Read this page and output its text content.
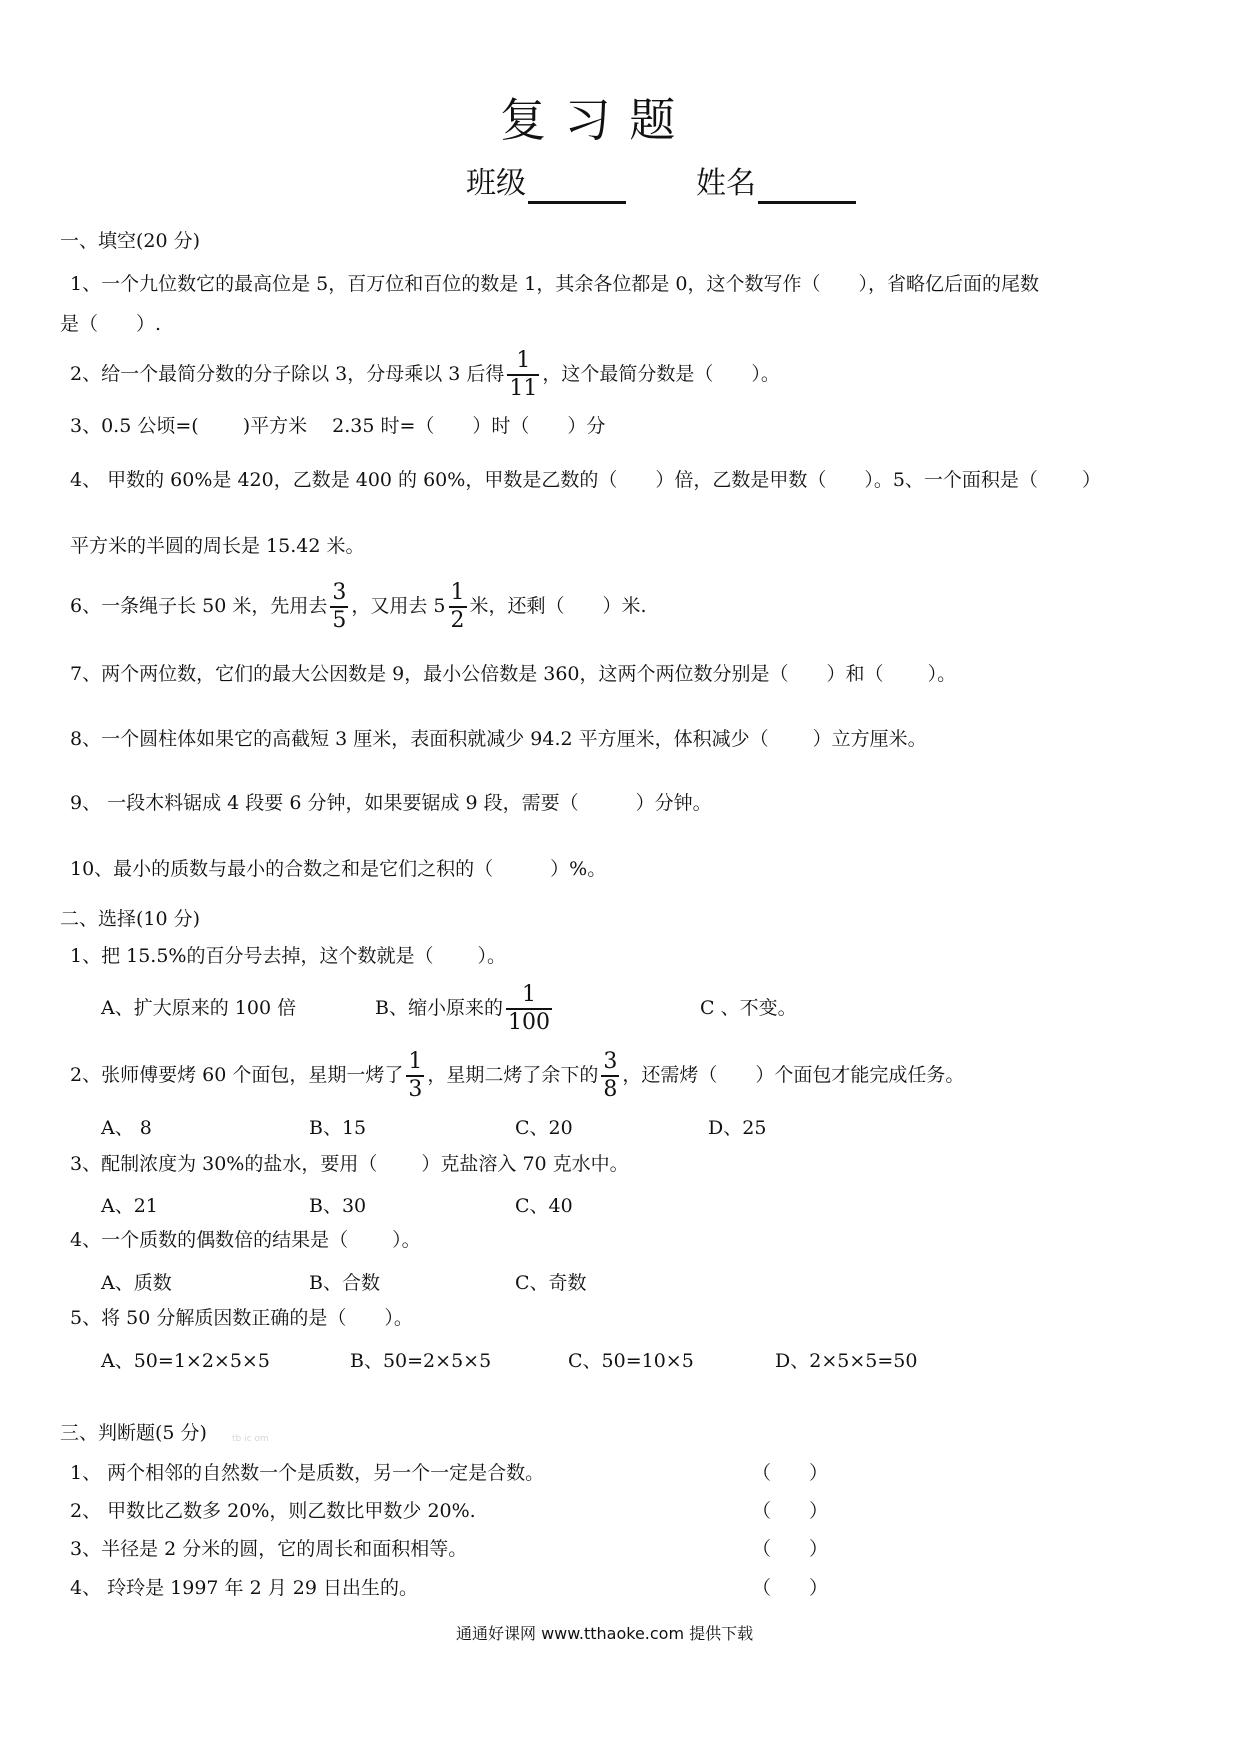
复 习 题
班级	姓名
一、填空(20 分)
1、一个九位数它的最高位是 5，百万位和百位的数是 1，其余各位都是 0，这个数写作（　　），省略亿后面的尾数
是（　　）.
2、给一个最简分数的分子除以 3，分母乘以 3 后得 $\frac{1}{11}$ ，这个最简分数是（　　）。
3、0.5 公顷=(　　 )平方米　 2.35 时=（　　）时（　　）分
4、 甲数的 60%是 420，乙数是 400 的 60%，甲数是乙数的（　　）倍，乙数是甲数（　　）。5、一个面积是（　　 ）
平方米的半圆的周长是 15.42 米。
6、一条绳子长 50 米，先用去 $\frac{3}{5}$ ，又用去 $5 \frac{1}{2}$ 米，还剩（　　）米.
7、两个两位数，它们的最大公因数是 9，最小公倍数是 360，这两个两位数分别是（　　）和（　　 ）。
8、一个圆柱体如果它的高截短 3 厘米，表面积就减少 94.2 平方厘米，体积减少（　　 ）立方厘米。
9、 一段木料锯成 4 段要 6 分钟，如果要锯成 9 段，需要（　　　）分钟。
10、最小的质数与最小的合数之和是它们之积的（　　　）%。
二、选择(10 分)
1、把 15.5%的百分号去掉，这个数就是（　　 ）。
A、扩大原来的 100 倍	B、缩小原来的 $\frac{1}{100}$	C 、不变。
2、张师傅要烤 60 个面包，星期一烤了 $\frac{1}{3}$ ，星期二烤了余下的 $\frac{3}{8}$ ，还需烤（　　）个面包才能完成任务。
A、 8	B、15	C、20	D、25
3、配制浓度为 30%的盐水，要用（　　 ）克盐溶入 70 克水中。
A、21	B、30	C、40
4、一个质数的偶数倍的结果是（　　 ）。
A、质数	B、合数	C、奇数
5、将 50 分解质因数正确的是（　　）。
A、50=1×2×5×5	B、50=2×5×5	C、50=10×5	D、2×5×5=50
三、判断题(5 分)	tb ic om
1、 两个相邻的自然数一个是质数，另一个一定是合数。	（　　）
2、 甲数比乙数多 20%，则乙数比甲数少 20%.	（　　）
3、半径是 2 分米的圆，它的周长和面积相等。	（　　）
4、 玲玲是 1997 年 2 月 29 日出生的。	（　　）
通通好课网 www.tthaoke.com 提供下载
